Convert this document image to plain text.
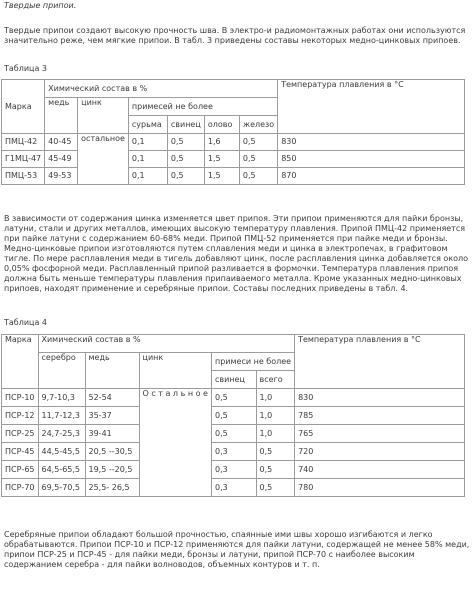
Твердые припои.

Твердые припои создают высокую прочность шва. В электро-и радиомонтажных работах они используются значительно реже, чем мягкие припои. В табл. 3 приведены составы некоторых медно-цинковых припоев.

Таблица 3

Марка	Химический состав в %						Температура плавления в °С
	медь	цинк	примесей не более				
			сурьма	свинец	олово	железо	
ПМЦ-42	40-45	остальное	0,1	0,5	1,6	0,5	830
Г1МЦ-47	45-49		0,1	0,5	1,5	0,5	850
ПМЦ-53	49-53		0,1	0,5	1,5	0,5	870

В зависимости от содержания цинка изменяется цвет припоя. Эти припои применяются для пайки бронзы, латуни, стали и других металлов, имеющих высокую температуру плавления. Припой ПМЦ-42 применяется при пайке латуни с содержанием 60-68% меди. Припой ПМЦ-52 применяется при пайке меди и бронзы. Медно-цинковые припои изготовляются путем сплавления меди и цинка в электропечах, в графитовом тигле. По мере расплавления меди в тигель добавляют цинк, после расплавления цинка добавляется около 0,05% фосфорной меди. Расплавленный припой разливается в формочки. Температура плавления припоя должна быть меньше температуры плавления припаиваемого металла. Кроме указанных медно-цинковых припоев, находят применение и серебряные припои. Составы последних приведены в табл. 4.

Таблица 4

Марка	Химический состав в %					Температура плавления в °С
	серебро	медь	цинк	примеси не более		
				свинец	всего	
ПСР-10	9,7-10,3	52-54	О с т а л ь н о е	0,5	1,0	830
ПСР-12	11,7-12,3	35-37		0,5	1,0	785
ПСР-25	24,7-25,3	39-41		0,5	1,0	765
ПСР-45	44,5-45,5	20,5 --30,5		0,3	0,5	720
ПСР-65	64,5-65,5	19,5 --20,5		0,3	0,5	740
ПСР-70	69,5-70,5	25,5- 26,5		0,3	0,5	780

Серебряные припои обладают большой прочностью, спаянные ими швы хорошо изгибаются и легко обрабатываются. Припои ПСР-10 и ПСР-12 применяются для пайки латуни, содержащей не менее 58% меди, припои ПСР-25 и ПСР-45 - для пайки меди, бронзы и латуни, припой ПСР-70 с наиболее высоким содержанием серебра - для пайки волноводов, объемных контуров и т. п.
